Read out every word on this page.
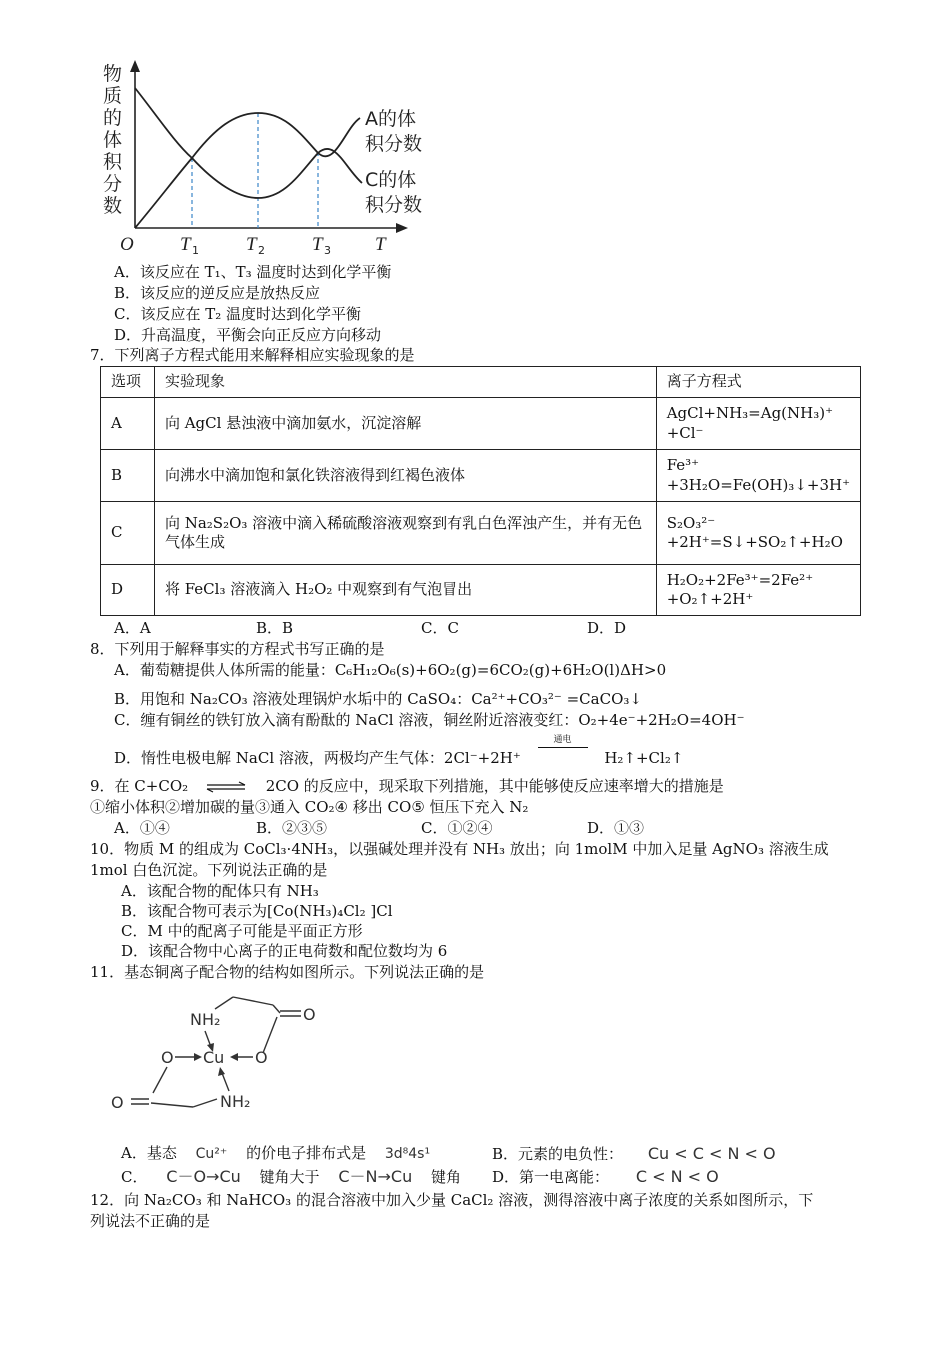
物
质
的
体
积
分
数
A的体
积分数
C的体
积分数
O T 1 T 2 T 3 T
A．该反应在 T₁、T₃ 温度时达到化学平衡
B．该反应的逆反应是放热反应
C．该反应在 T₂ 温度时达到化学平衡
D．升高温度，平衡会向正反应方向移动
7．下列离子方程式能用来解释相应实验现象的是
选项	实验现象	离子方程式
A	向 AgCl 悬浊液中滴加氨水，沉淀溶解	AgCl+NH₃=Ag(NH₃)⁺ +Cl⁻
B	向沸水中滴加饱和氯化铁溶液得到红褐色液体	Fe³⁺ +3H₂O=Fe(OH)₃↓+3H⁺
C	向 Na₂S₂O₃ 溶液中滴入稀硫酸溶液观察到有乳白色浑浊产生，并有无色气体生成	S₂O₃²⁻ +2H⁺=S↓+SO₂↑+H₂O
D	将 FeCl₃ 溶液滴入 H₂O₂ 中观察到有气泡冒出	H₂O₂+2Fe³⁺=2Fe²⁺ +O₂↑+2H⁺
A．A	B．B	C．C	D．D
8．下列用于解释事实的方程式书写正确的是
A．葡萄糖提供人体所需的能量：C₆H₁₂O₆(s)+6O₂(g)=6CO₂(g)+6H₂O(l)ΔH>0
B．用饱和 Na₂CO₃ 溶液处理锅炉水垢中的 CaSO₄：Ca²⁺+CO₃²⁻ =CaCO₃↓
C．缠有铜丝的铁钉放入滴有酚酞的 NaCl 溶液，铜丝附近溶液变红：O₂+4e⁻+2H₂O=4OH⁻
D．惰性电极电解 NaCl 溶液，两极均产生气体：2Cl⁻+2H⁺
通电
H₂↑+Cl₂↑
9．在 C+CO₂ ⇌ 2CO 的反应中，现采取下列措施，其中能够使反应速率增大的措施是
①缩小体积②增加碳的量③通入 CO₂④ 移出 CO⑤ 恒压下充入 N₂
A．①④	B．②③⑤	C．①②④	D．①③
10．物质 M 的组成为 CoCl₃·4NH₃，以强碱处理并没有 NH₃ 放出；向 1molM 中加入足量 AgNO₃ 溶液生成
1mol 白色沉淀。下列说法正确的是
A．该配合物的配体只有 NH₃
B．该配合物可表示为[Co(NH₃)₄Cl₂ ]Cl
C．M 中的配离子可能是平面正方形
D．该配合物中心离子的正电荷数和配位数均为 6
11．基态铜离子配合物的结构如图所示。下列说法正确的是
NH₂	O
O Cu O
O	NH₂
A．基态 Cu²⁺ 的价电子排布式是 3d⁸4s¹	B．元素的电负性： Cu < C < N < O
C． C－O→Cu 键角大于 C－N→Cu 键角 D．第一电离能： C < N < O
12．向 Na₂CO₃ 和 NaHCO₃ 的混合溶液中加入少量 CaCl₂ 溶液，测得溶液中离子浓度的关系如图所示，下
列说法不正确的是
